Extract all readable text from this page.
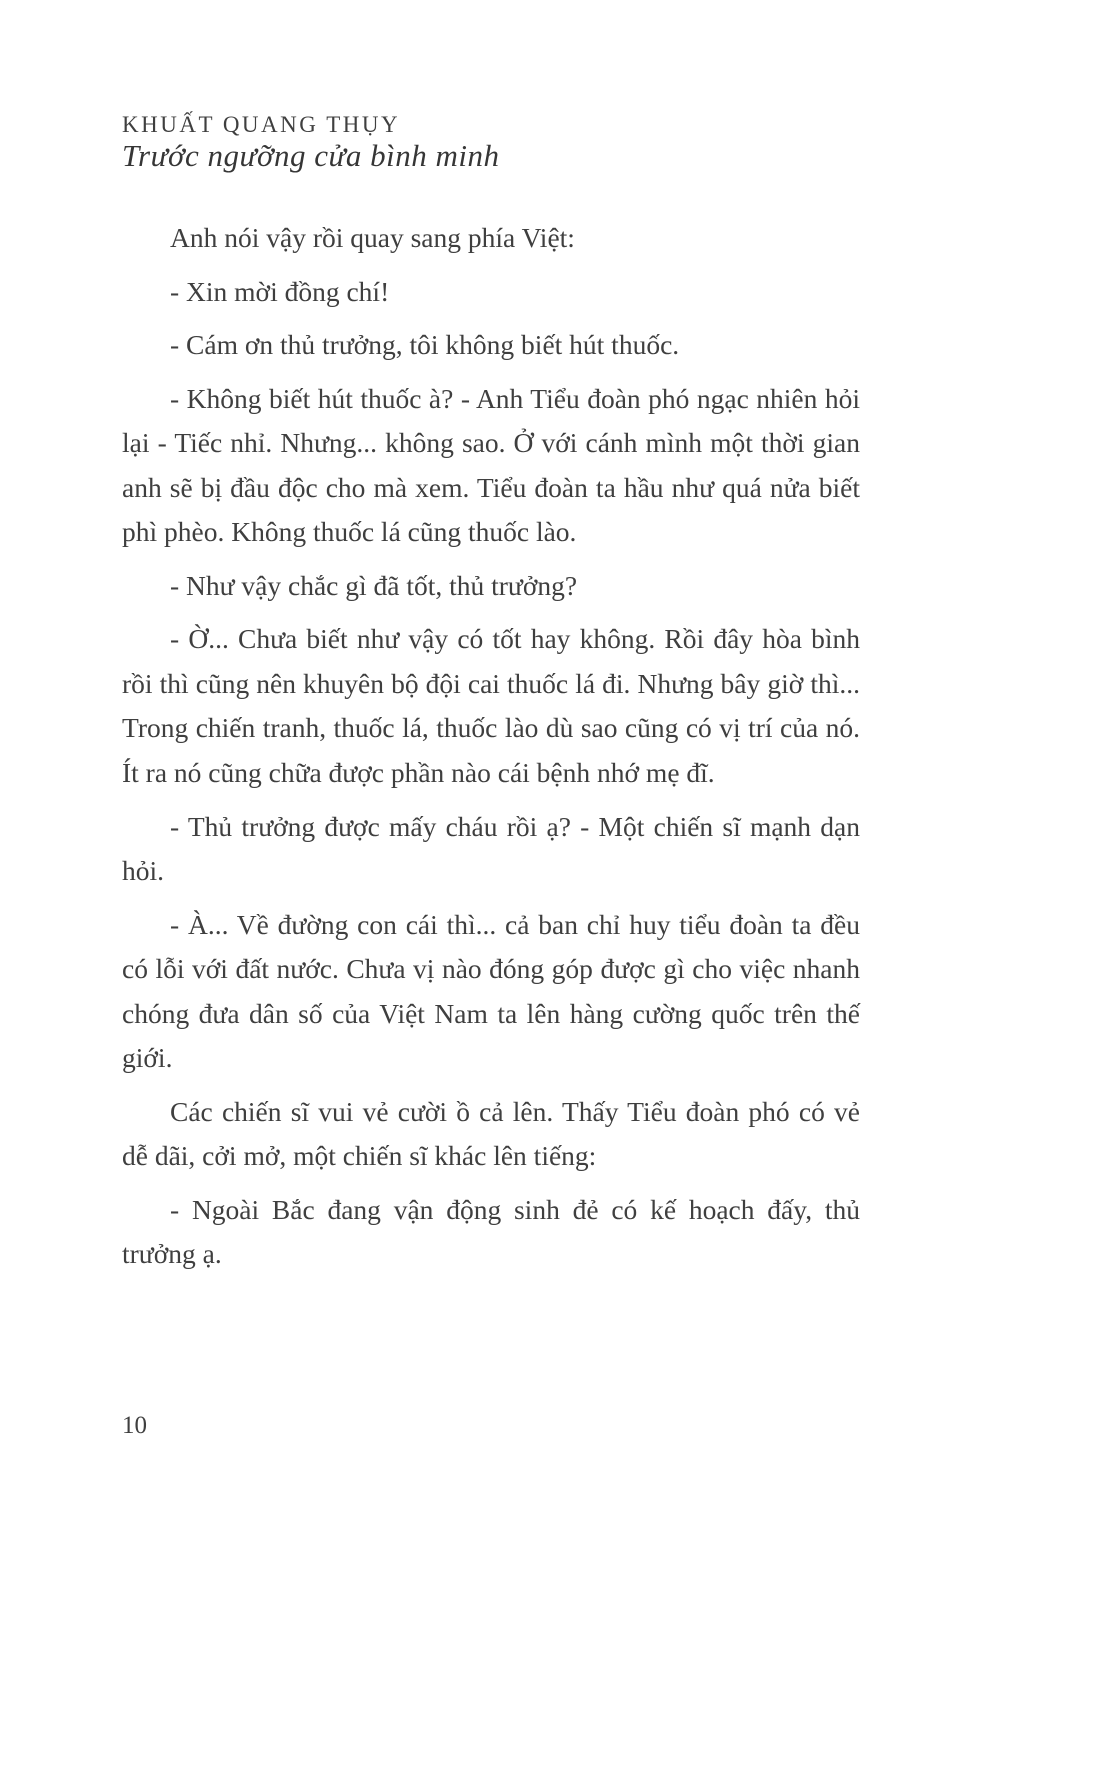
KHUẤT QUANG THỤY
Trước ngưỡng cửa bình minh

Anh nói vậy rồi quay sang phía Việt:

- Xin mời đồng chí!

- Cám ơn thủ trưởng, tôi không biết hút thuốc.

- Không biết hút thuốc à? - Anh Tiểu đoàn phó ngạc nhiên hỏi lại - Tiếc nhỉ. Nhưng... không sao. Ở với cánh mình một thời gian anh sẽ bị đầu độc cho mà xem. Tiểu đoàn ta hầu như quá nửa biết phì phèo. Không thuốc lá cũng thuốc lào.

- Như vậy chắc gì đã tốt, thủ trưởng?

- Ờ... Chưa biết như vậy có tốt hay không. Rồi đây hòa bình rồi thì cũng nên khuyên bộ đội cai thuốc lá đi. Nhưng bây giờ thì... Trong chiến tranh, thuốc lá, thuốc lào dù sao cũng có vị trí của nó. Ít ra nó cũng chữa được phần nào cái bệnh nhớ mẹ đĩ.

- Thủ trưởng được mấy cháu rồi ạ? - Một chiến sĩ mạnh dạn hỏi.

- À... Về đường con cái thì... cả ban chỉ huy tiểu đoàn ta đều có lỗi với đất nước. Chưa vị nào đóng góp được gì cho việc nhanh chóng đưa dân số của Việt Nam ta lên hàng cường quốc trên thế giới.

Các chiến sĩ vui vẻ cười ồ cả lên. Thấy Tiểu đoàn phó có vẻ dễ dãi, cởi mở, một chiến sĩ khác lên tiếng:

- Ngoài Bắc đang vận động sinh đẻ có kế hoạch đấy, thủ trưởng ạ.

10
